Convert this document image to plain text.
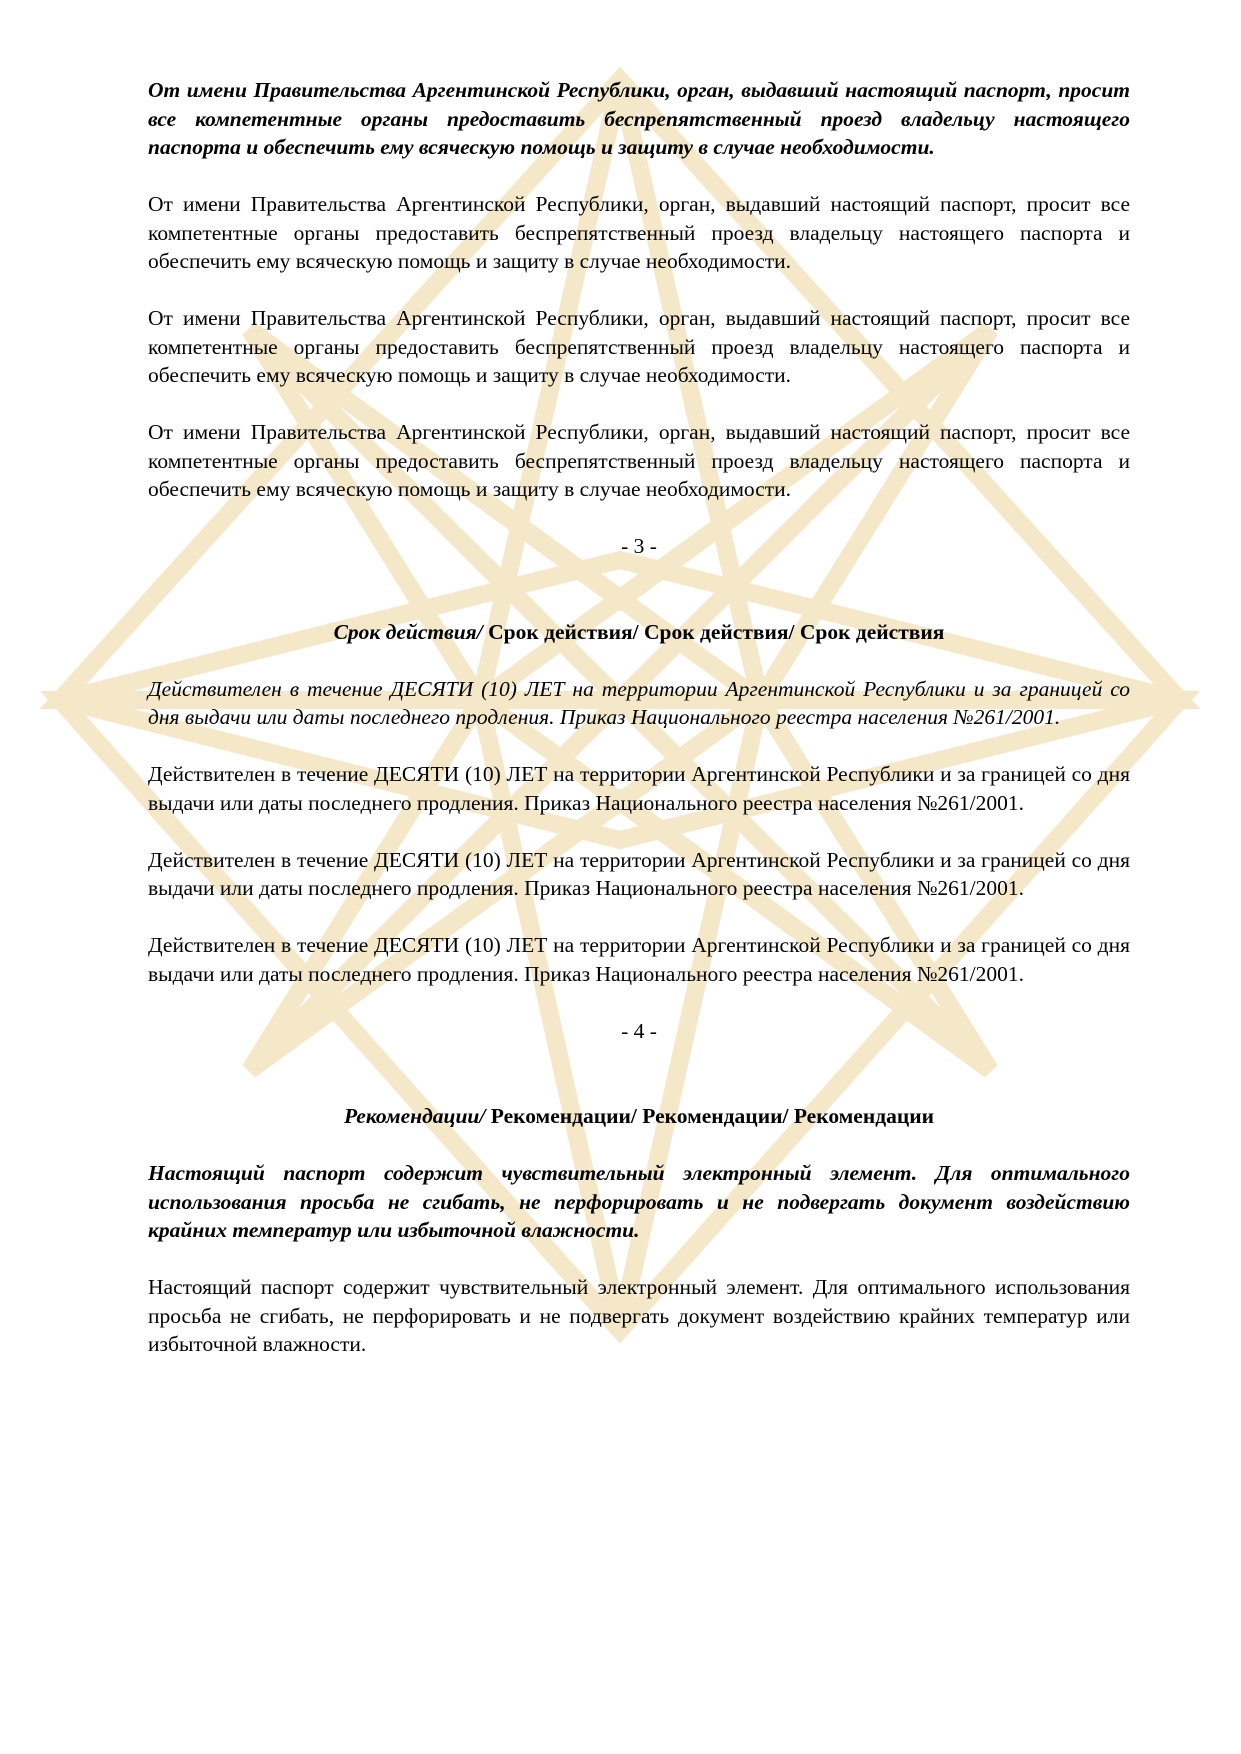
От имени Правительства Аргентинской Республики, орган, выдавший настоящий паспорт, просит все компетентные органы предоставить беспрепятственный проезд владельцу настоящего паспорта и обеспечить ему всяческую помощь и защиту в случае необходимости.

От имени Правительства Аргентинской Республики, орган, выдавший настоящий паспорт, просит все компетентные органы предоставить беспрепятственный проезд владельцу настоящего паспорта и обеспечить ему всяческую помощь и защиту в случае необходимости.

От имени Правительства Аргентинской Республики, орган, выдавший настоящий паспорт, просит все компетентные органы предоставить беспрепятственный проезд владельцу настоящего паспорта и обеспечить ему всяческую помощь и защиту в случае необходимости.

От имени Правительства Аргентинской Республики, орган, выдавший настоящий паспорт, просит все компетентные органы предоставить беспрепятственный проезд владельцу настоящего паспорта и обеспечить ему всяческую помощь и защиту в случае необходимости.

- 3 -

Срок действия/ Срок действия/ Срок действия/ Срок действия

Действителен в течение ДЕСЯТИ (10) ЛЕТ на территории Аргентинской Республики и за границей со дня выдачи или даты последнего продления. Приказ Национального реестра населения №261/2001.

Действителен в течение ДЕСЯТИ (10) ЛЕТ на территории Аргентинской Республики и за границей со дня выдачи или даты последнего продления. Приказ Национального реестра населения №261/2001.

Действителен в течение ДЕСЯТИ (10) ЛЕТ на территории Аргентинской Республики и за границей со дня выдачи или даты последнего продления. Приказ Национального реестра населения №261/2001.

Действителен в течение ДЕСЯТИ (10) ЛЕТ на территории Аргентинской Республики и за границей со дня выдачи или даты последнего продления. Приказ Национального реестра населения №261/2001.

- 4 -

Рекомендации/ Рекомендации/ Рекомендации/ Рекомендации

Настоящий паспорт содержит чувствительный электронный элемент. Для оптимального использования просьба не сгибать, не перфорировать и не подвергать документ воздействию крайних температур или избыточной влажности.

Настоящий паспорт содержит чувствительный электронный элемент. Для оптимального использования просьба не сгибать, не перфорировать и не подвергать документ воздействию крайних температур или избыточной влажности.
